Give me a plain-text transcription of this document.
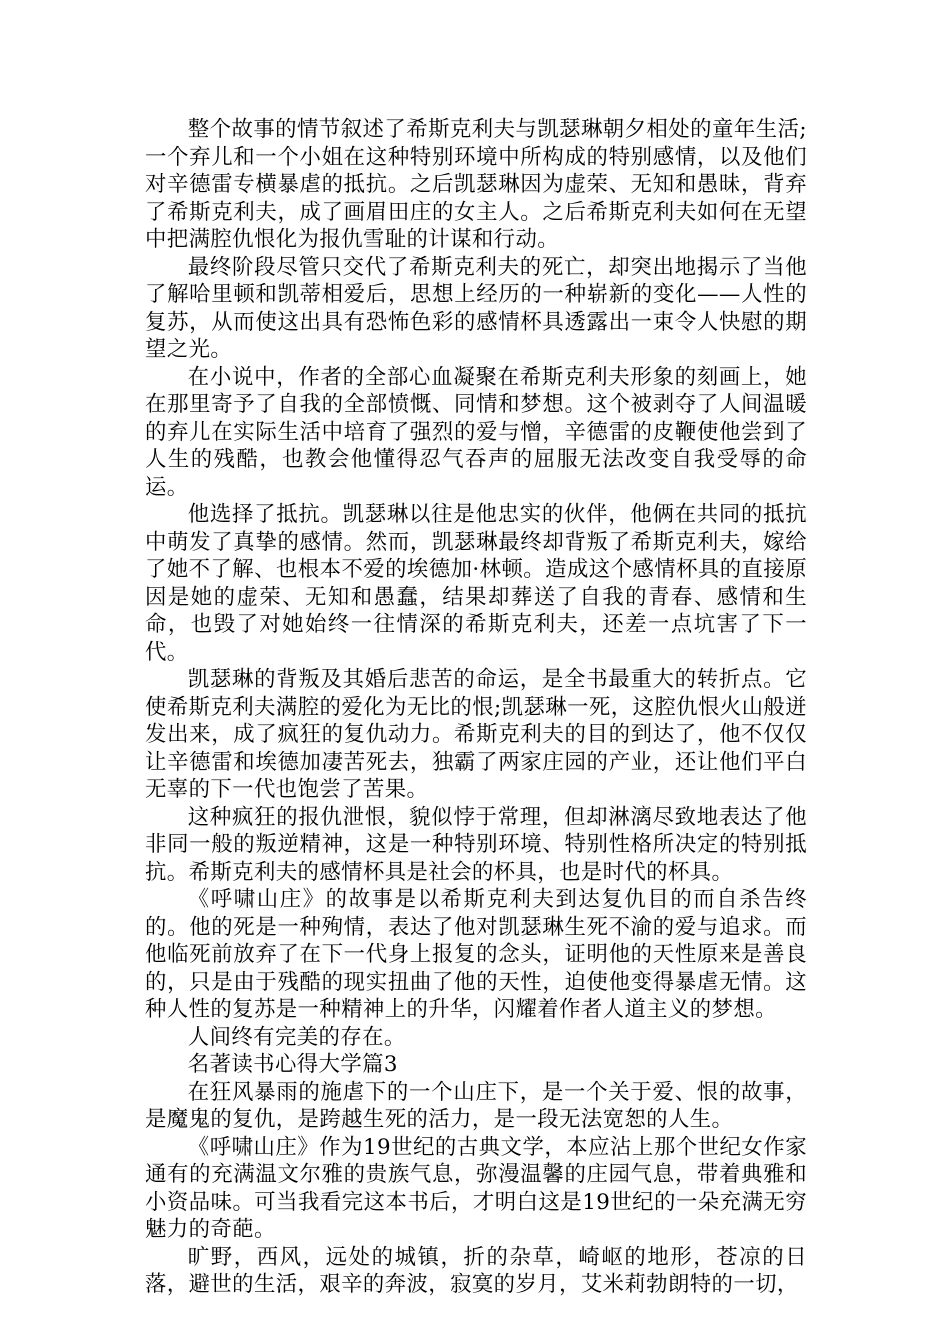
整个故事的情节叙述了希斯克利夫与凯瑟琳朝夕相处的童年生活;一个弃儿和一个小姐在这种特别环境中所构成的特别感情，以及他们对辛德雷专横暴虐的抵抗。之后凯瑟琳因为虚荣、无知和愚昧，背弃了希斯克利夫，成了画眉田庄的女主人。之后希斯克利夫如何在无望中把满腔仇恨化为报仇雪耻的计谋和行动。

最终阶段尽管只交代了希斯克利夫的死亡，却突出地揭示了当他了解哈里顿和凯蒂相爱后，思想上经历的一种崭新的变化——人性的复苏，从而使这出具有恐怖色彩的感情杯具透露出一束令人快慰的期望之光。

在小说中，作者的全部心血凝聚在希斯克利夫形象的刻画上，她在那里寄予了自我的全部愤慨、同情和梦想。这个被剥夺了人间温暖的弃儿在实际生活中培育了强烈的爱与憎，辛德雷的皮鞭使他尝到了人生的残酷，也教会他懂得忍气吞声的屈服无法改变自我受辱的命运。

他选择了抵抗。凯瑟琳以往是他忠实的伙伴，他俩在共同的抵抗中萌发了真挚的感情。然而，凯瑟琳最终却背叛了希斯克利夫，嫁给了她不了解、也根本不爱的埃德加·林顿。造成这个感情杯具的直接原因是她的虚荣、无知和愚蠢，结果却葬送了自我的青春、感情和生命，也毁了对她始终一往情深的希斯克利夫，还差一点坑害了下一代。

凯瑟琳的背叛及其婚后悲苦的命运，是全书最重大的转折点。它使希斯克利夫满腔的爱化为无比的恨;凯瑟琳一死，这腔仇恨火山般迸发出来，成了疯狂的复仇动力。希斯克利夫的目的到达了，他不仅仅让辛德雷和埃德加凄苦死去，独霸了两家庄园的产业，还让他们平白无辜的下一代也饱尝了苦果。

这种疯狂的报仇泄恨，貌似悖于常理，但却淋漓尽致地表达了他非同一般的叛逆精神，这是一种特别环境、特别性格所决定的特别抵抗。希斯克利夫的感情杯具是社会的杯具，也是时代的杯具。

《呼啸山庄》的故事是以希斯克利夫到达复仇目的而自杀告终的。他的死是一种殉情，表达了他对凯瑟琳生死不渝的爱与追求。而他临死前放弃了在下一代身上报复的念头，证明他的天性原来是善良的，只是由于残酷的现实扭曲了他的天性，迫使他变得暴虐无情。这种人性的复苏是一种精神上的升华，闪耀着作者人道主义的梦想。

人间终有完美的存在。

名著读书心得大学篇3

在狂风暴雨的施虐下的一个山庄下，是一个关于爱、恨的故事，是魔鬼的复仇，是跨越生死的活力，是一段无法宽恕的人生。

《呼啸山庄》作为19世纪的古典文学，本应沾上那个世纪女作家通有的充满温文尔雅的贵族气息，弥漫温馨的庄园气息，带着典雅和小资品味。可当我看完这本书后，才明白这是19世纪的一朵充满无穷魅力的奇葩。

旷野，西风，远处的城镇，折的杂草，崎岖的地形，苍凉的日落，避世的生活，艰辛的奔波，寂寞的岁月，艾米莉勃朗特的一切，
